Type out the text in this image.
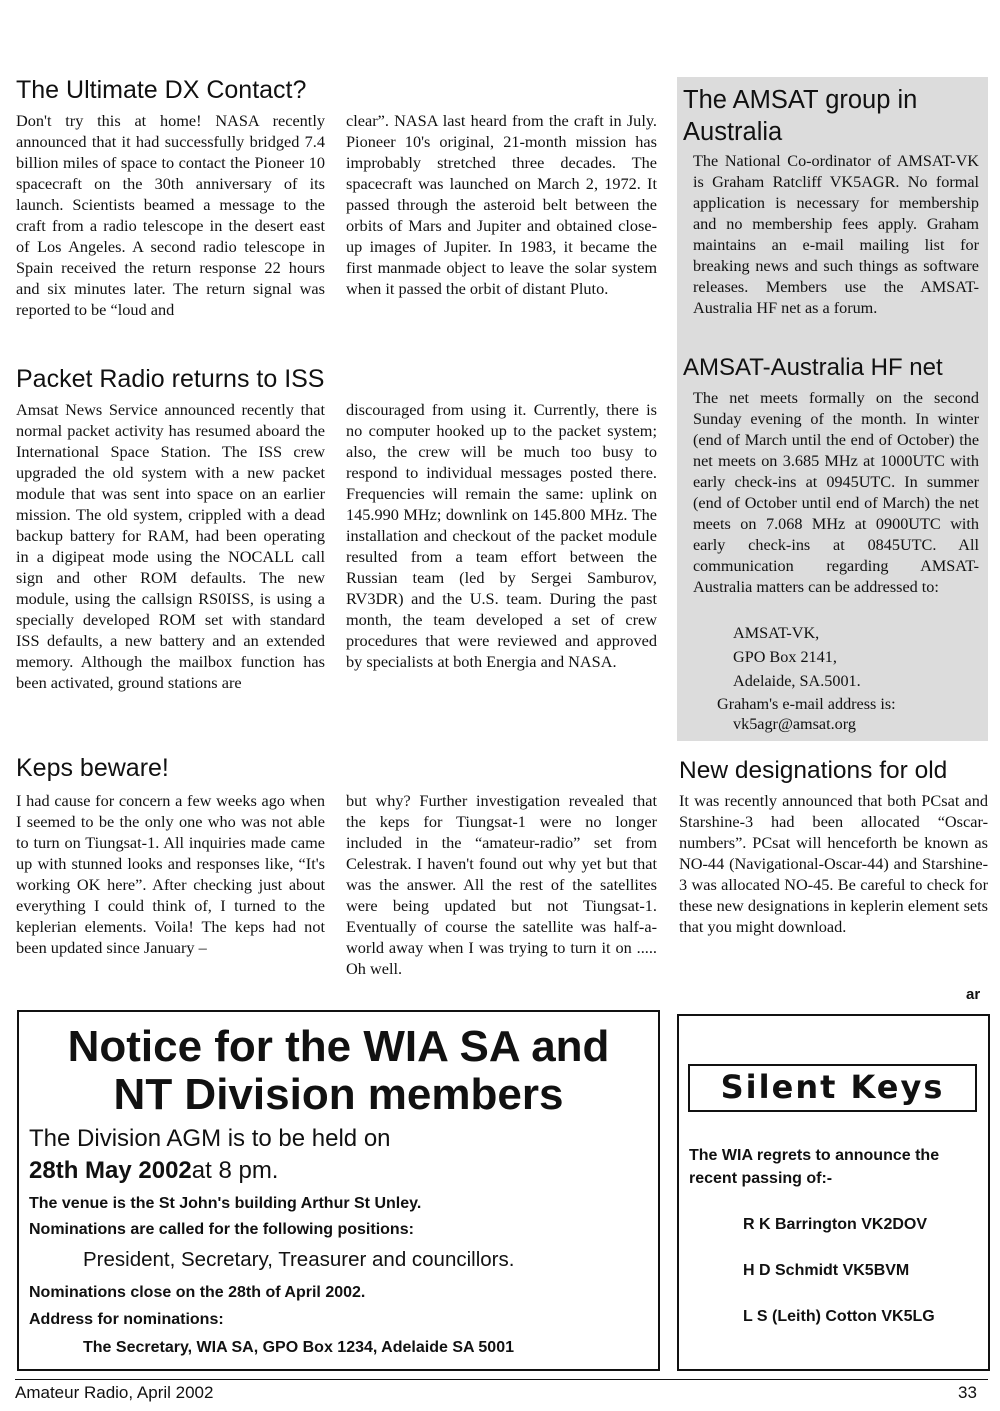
The Ultimate DX Contact?
Don't try this at home! NASA recently announced that it had successfully bridged 7.4 billion miles of space to contact the Pioneer 10 spacecraft on the 30th anniversary of its launch. Scientists beamed a message to the craft from a radio telescope in the desert east of Los Angeles. A second radio telescope in Spain received the return response 22 hours and six minutes later. The return signal was reported to be “loud and
clear”. NASA last heard from the craft in July. Pioneer 10's original, 21-month mission has improbably stretched three decades. The spacecraft was launched on March 2, 1972. It passed through the asteroid belt between the orbits of Mars and Jupiter and obtained close-up images of Jupiter. In 1983, it became the first manmade object to leave the solar system when it passed the orbit of distant Pluto.
Packet Radio returns to ISS
Amsat News Service announced recently that normal packet activity has resumed aboard the International Space Station. The ISS crew upgraded the old system with a new packet module that was sent into space on an earlier mission. The old system, crippled with a dead backup battery for RAM, had been operating in a digipeat mode using the NOCALL call sign and other ROM defaults. The new module, using the callsign RS0ISS, is using a specially developed ROM set with standard ISS defaults, a new battery and an extended memory. Although the mailbox function has been activated, ground stations are
discouraged from using it. Currently, there is no computer hooked up to the packet system; also, the crew will be much too busy to respond to individual messages posted there. Frequencies will remain the same: uplink on 145.990 MHz; downlink on 145.800 MHz. The installation and checkout of the packet module resulted from a team effort between the Russian team (led by Sergei Samburov, RV3DR) and the U.S. team. During the past month, the team developed a set of crew procedures that were reviewed and approved by specialists at both Energia and NASA.
Keps beware!
I had cause for concern a few weeks ago when I seemed to be the only one who was not able to turn on Tiungsat-1. All inquiries made came up with stunned looks and responses like, “It's working OK here”. After checking just about everything I could think of, I turned to the keplerian elements. Voila! The keps had not been updated since January –
but why? Further investigation revealed that the keps for Tiungsat-1 were no longer included in the “amateur-radio” set from Celestrak. I haven't found out why yet but that was the answer. All the rest of the satellites were being updated but not Tiungsat-1. Eventually of course the satellite was half-a-world away when I was trying to turn it on ..... Oh well.
The AMSAT group in
Australia
The National Co-ordinator of AMSAT-VK is Graham Ratcliff VK5AGR. No formal application is necessary for membership and no membership fees apply. Graham maintains an e-mail mailing list for breaking news and such things as software releases. Members use the AMSAT-Australia HF net as a forum.
AMSAT-Australia HF net
The net meets formally on the second Sunday evening of the month. In winter (end of March until the end of October) the net meets on 3.685 MHz at 1000UTC with early check-ins at 0945UTC. In summer (end of October until end of March) the net meets on 7.068 MHz at 0900UTC with early check-ins at 0845UTC. All communication regarding AMSAT-Australia matters can be addressed to:
AMSAT-VK,
GPO Box 2141,
Adelaide, SA.5001.
Graham's e-mail address is:
vk5agr@amsat.org
New designations for old
It was recently announced that both PCsat and Starshine-3 had been allocated “Oscar-numbers”. PCsat will henceforth be known as NO-44 (Navigational-Oscar-44) and Starshine-3 was allocated NO-45. Be careful to check for these new designations in keplerin element sets that you might download.
ar
Notice for the WIA SA and
NT Division members
The Division AGM is to be held on
28th May 2002at 8 pm.
The venue is the St John's building Arthur St Unley.
Nominations are called for the following positions:
President, Secretary, Treasurer and councillors.
Nominations close on the 28th of April 2002.
Address for nominations:
The Secretary, WIA SA, GPO Box 1234, Adelaide SA 5001
Silent Keys
The WIA regrets to announce the
recent passing of:-
R K Barrington VK2DOV
H D Schmidt VK5BVM
L S (Leith) Cotton VK5LG
Amateur Radio, April 2002	33
